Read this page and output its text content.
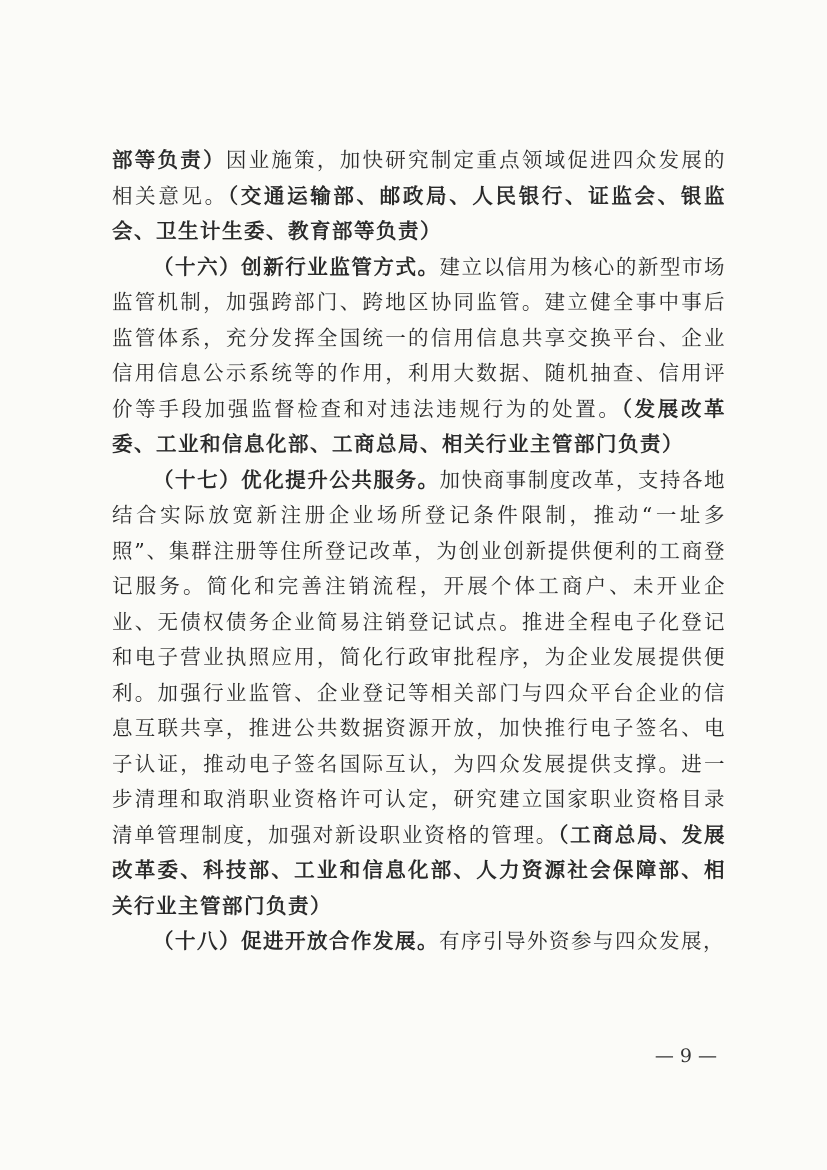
部等负责）因业施策，加快研究制定重点领域促进四众发展的相关意见。（交通运输部、邮政局、人民银行、证监会、银监会、卫生计生委、教育部等负责）

（十六）创新行业监管方式。建立以信用为核心的新型市场监管机制，加强跨部门、跨地区协同监管。建立健全事中事后监管体系，充分发挥全国统一的信用信息共享交换平台、企业信用信息公示系统等的作用，利用大数据、随机抽查、信用评价等手段加强监督检查和对违法违规行为的处置。（发展改革委、工业和信息化部、工商总局、相关行业主管部门负责）

（十七）优化提升公共服务。加快商事制度改革，支持各地结合实际放宽新注册企业场所登记条件限制，推动“一址多照”、集群注册等住所登记改革，为创业创新提供便利的工商登记服务。简化和完善注销流程，开展个体工商户、未开业企业、无债权债务企业简易注销登记试点。推进全程电子化登记和电子营业执照应用，简化行政审批程序，为企业发展提供便利。加强行业监管、企业登记等相关部门与四众平台企业的信息互联共享，推进公共数据资源开放，加快推行电子签名、电子认证，推动电子签名国际互认，为四众发展提供支撑。进一步清理和取消职业资格许可认定，研究建立国家职业资格目录清单管理制度，加强对新设职业资格的管理。（工商总局、发展改革委、科技部、工业和信息化部、人力资源社会保障部、相关行业主管部门负责）

（十八）促进开放合作发展。有序引导外资参与四众发展，

— 9 —
